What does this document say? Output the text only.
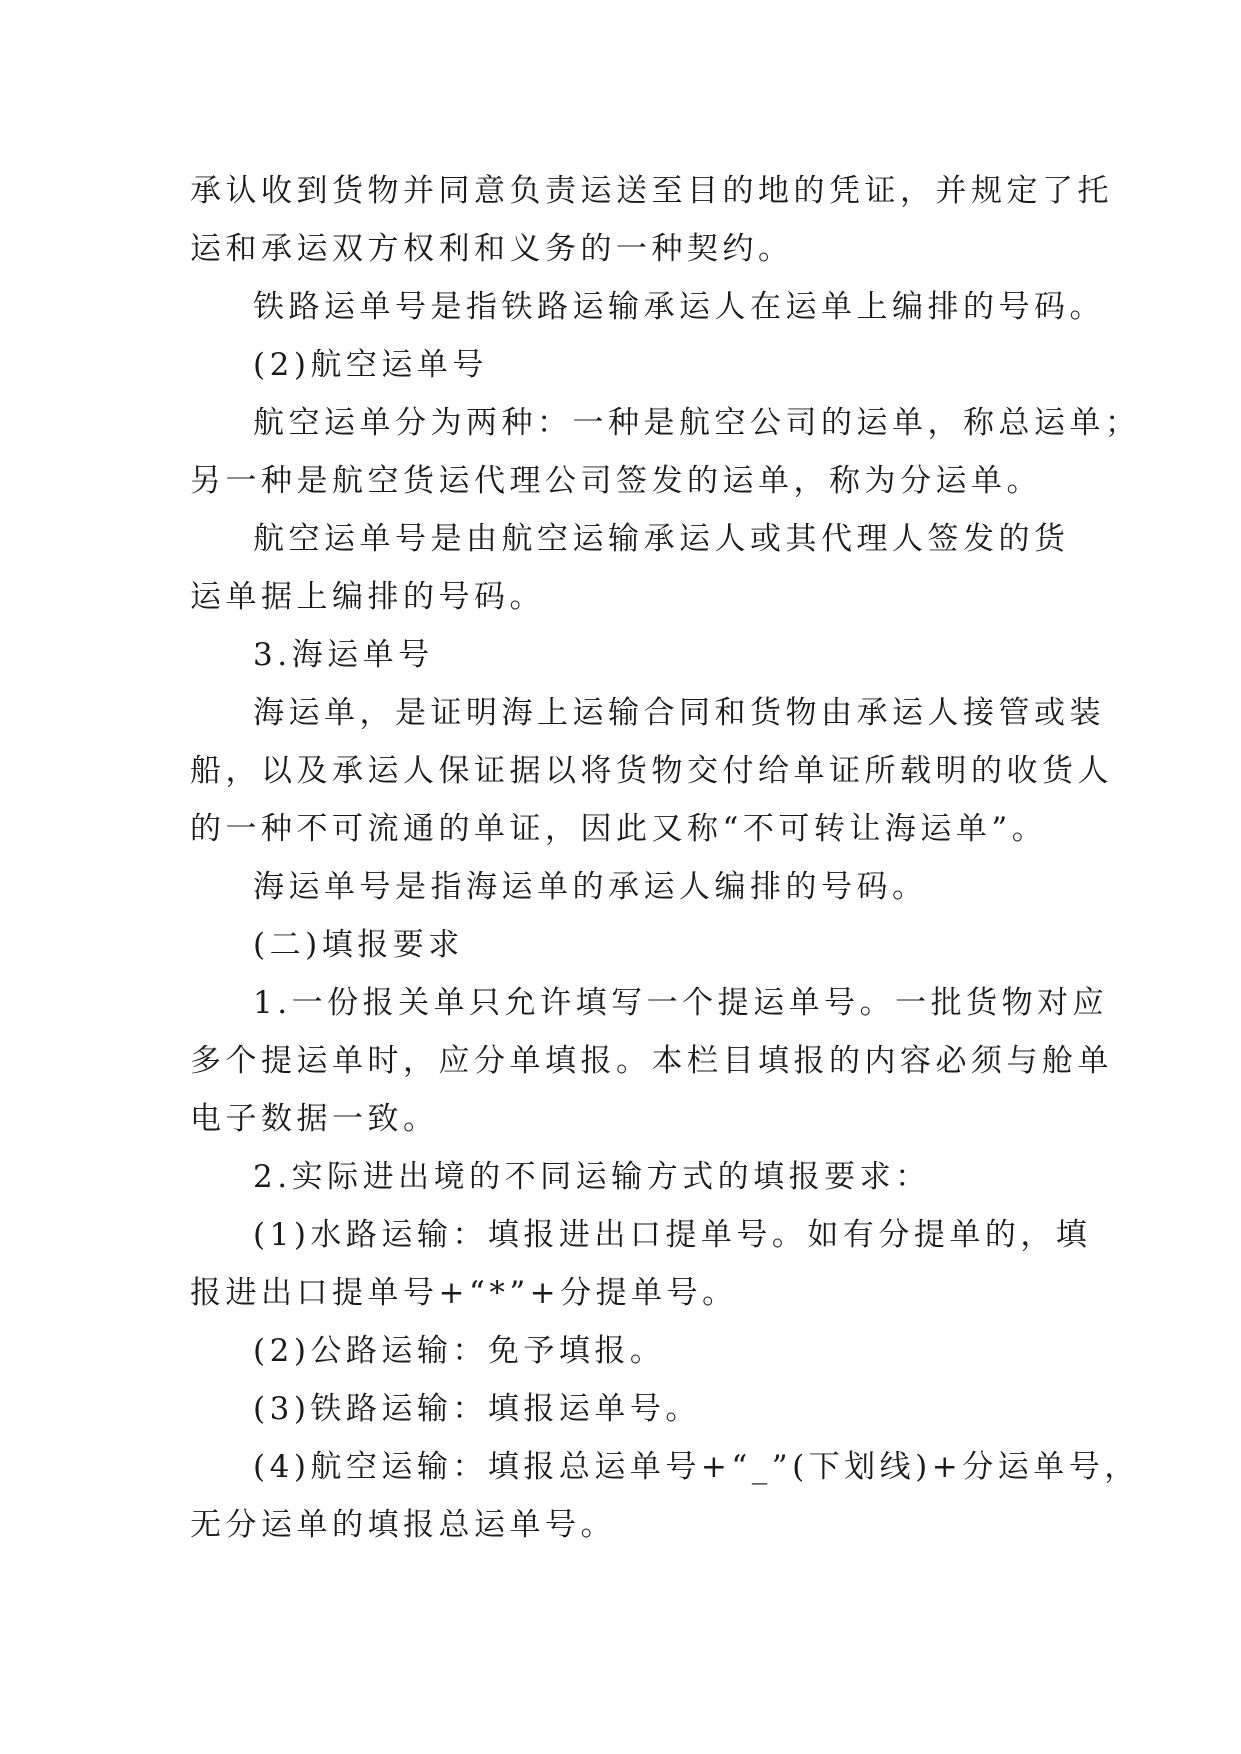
承认收到货物并同意负责运送至目的地的凭证，并规定了托
运和承运双方权利和义务的一种契约。
铁路运单号是指铁路运输承运人在运单上编排的号码。
(2)航空运单号
航空运单分为两种：一种是航空公司的运单，称总运单；
另一种是航空货运代理公司签发的运单，称为分运单。
航空运单号是由航空运输承运人或其代理人签发的货
运单据上编排的号码。
3.海运单号
海运单，是证明海上运输合同和货物由承运人接管或装
船，以及承运人保证据以将货物交付给单证所载明的收货人
的一种不可流通的单证，因此又称“不可转让海运单”。
海运单号是指海运单的承运人编排的号码。
(二)填报要求
1.一份报关单只允许填写一个提运单号。一批货物对应
多个提运单时，应分单填报。本栏目填报的内容必须与舱单
电子数据一致。
2.实际进出境的不同运输方式的填报要求：
(1)水路运输：填报进出口提单号。如有分提单的，填
报进出口提单号+“*”+分提单号。
(2)公路运输：免予填报。
(3)铁路运输：填报运单号。
(4)航空运输：填报总运单号+“_”(下划线)+分运单号，
无分运单的填报总运单号。
